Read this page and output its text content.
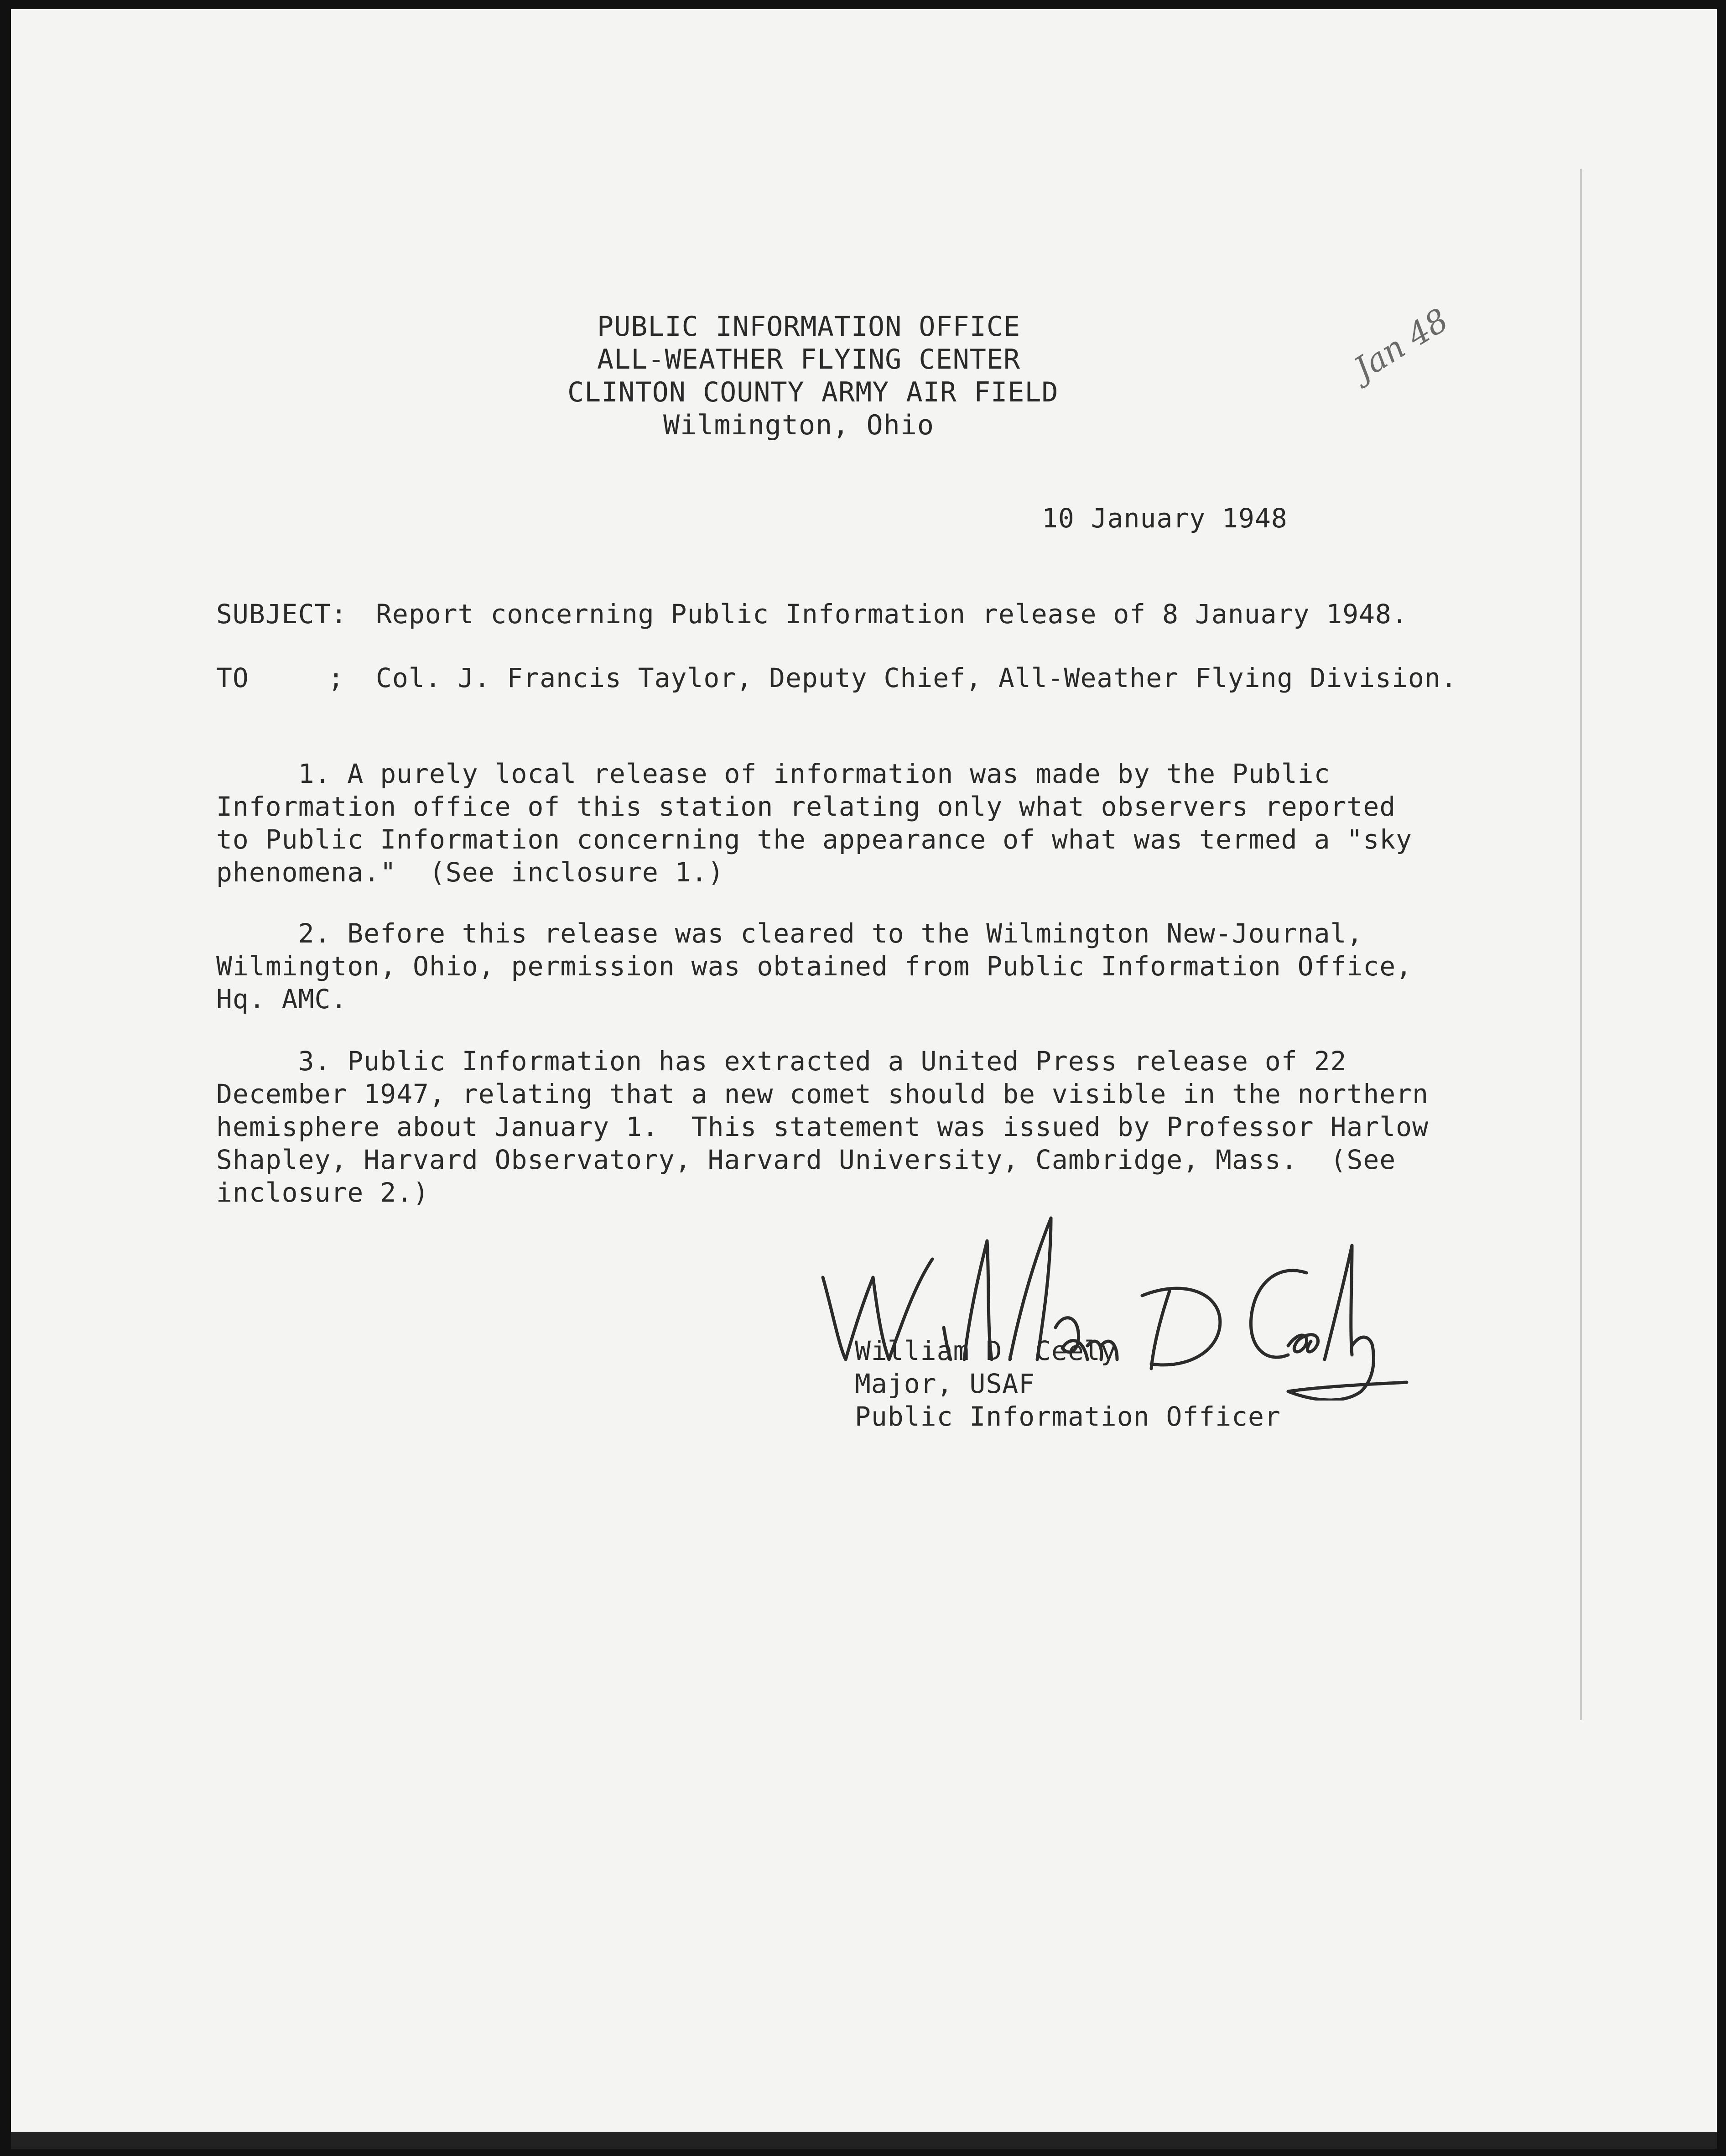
PUBLIC INFORMATION OFFICE
ALL-WEATHER FLYING CENTER
CLINTON COUNTY ARMY AIR FIELD
Wilmington, Ohio
Jan 48
10 January 1948
SUBJECT: Report concerning Public Information release of 8 January 1948.
TO	; Col. J. Francis Taylor, Deputy Chief, All-Weather Flying Division.
1. A purely local release of information was made by the Public
Information office of this station relating only what observers reported
to Public Information concerning the appearance of what was termed a "sky
phenomena."  (See inclosure 1.)
2. Before this release was cleared to the Wilmington New-Journal,
Wilmington, Ohio, permission was obtained from Public Information Office,
Hq. AMC.
3. Public Information has extracted a United Press release of 22
December 1947, relating that a new comet should be visible in the northern
hemisphere about January 1.  This statement was issued by Professor Harlow
Shapley, Harvard Observatory, Harvard University, Cambridge, Mass.  (See
inclosure 2.)
William D. Ceely
Major, USAF
Public Information Officer
